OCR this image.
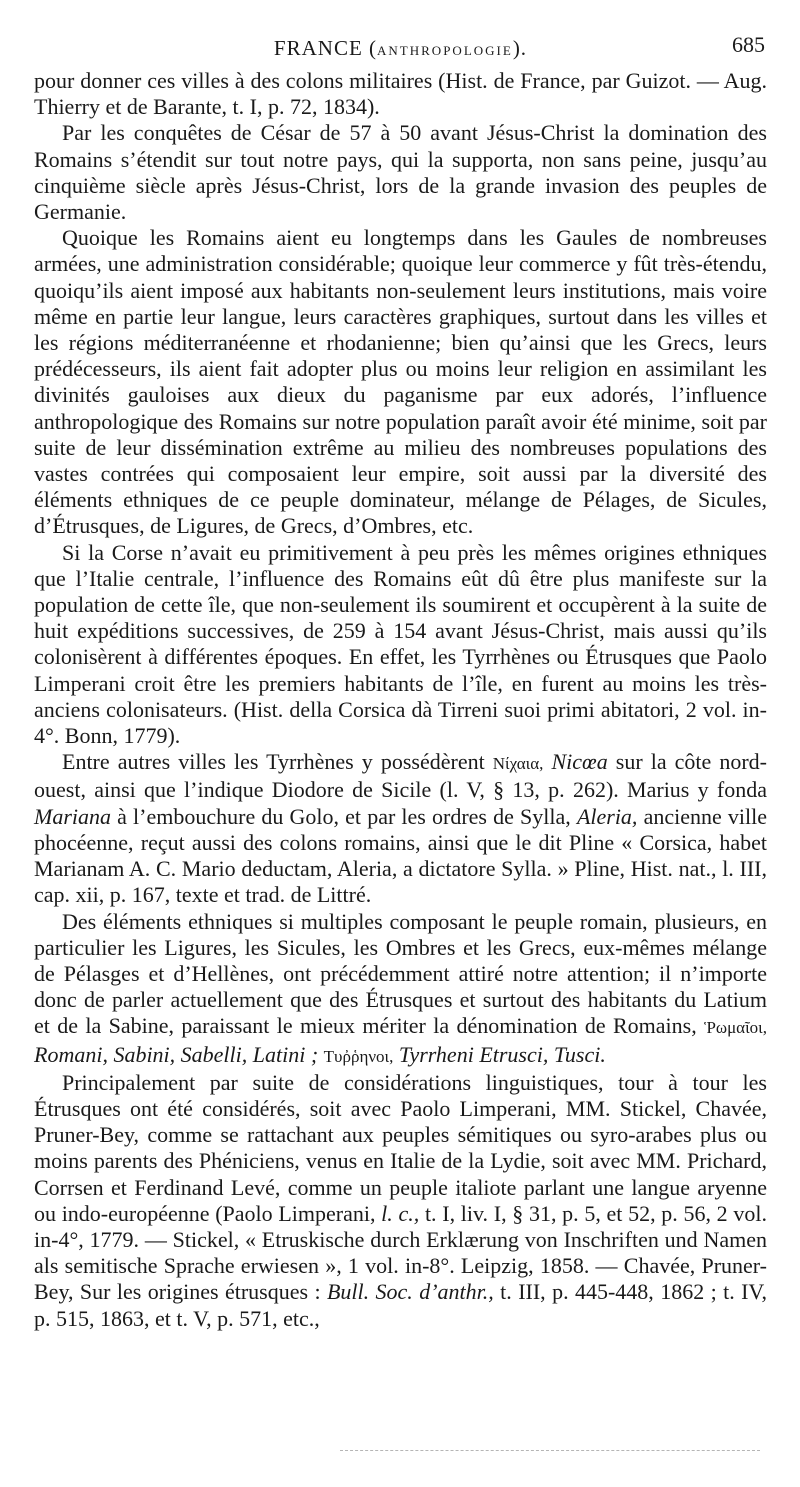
FRANCE (ANTHROPOLOGIE).	685

pour donner ces villes à des colons militaires (Hist. de France, par Guizot. — Aug. Thierry et de Barante, t. I, p. 72, 1834).

Par les conquêtes de César de 57 à 50 avant Jésus-Christ la domination des Romains s’étendit sur tout notre pays, qui la supporta, non sans peine, jusqu’au cinquième siècle après Jésus-Christ, lors de la grande invasion des peuples de Germanie.

Quoique les Romains aient eu longtemps dans les Gaules de nombreuses armées, une administration considérable; quoique leur commerce y fût très-étendu, quoiqu’ils aient imposé aux habitants non-seulement leurs institutions, mais voire même en partie leur langue, leurs caractères graphiques, surtout dans les villes et les régions méditerranéenne et rhodanienne; bien qu’ainsi que les Grecs, leurs prédécesseurs, ils aient fait adopter plus ou moins leur religion en assimilant les divinités gauloises aux dieux du paganisme par eux adorés, l’influence anthropologique des Romains sur notre population paraît avoir été minime, soit par suite de leur dissémination extrême au milieu des nombreuses populations des vastes contrées qui composaient leur empire, soit aussi par la diversité des éléments ethniques de ce peuple dominateur, mélange de Pélages, de Sicules, d’Étrusques, de Ligures, de Grecs, d’Ombres, etc.

Si la Corse n’avait eu primitivement à peu près les mêmes origines ethniques que l’Italie centrale, l’influence des Romains eût dû être plus manifeste sur la population de cette île, que non-seulement ils soumirent et occupèrent à la suite de huit expéditions successives, de 259 à 154 avant Jésus-Christ, mais aussi qu’ils colonisèrent à différentes époques. En effet, les Tyrrhènes ou Étrusques que Paolo Limperani croit être les premiers habitants de l’île, en furent au moins les très-anciens colonisateurs. (Hist. della Corsica dà Tirreni suoi primi abitatori, 2 vol. in-4°. Bonn, 1779).

Entre autres villes les Tyrrhènes y possédèrent Νίχαια, Nicœa sur la côte nord-ouest, ainsi que l’indique Diodore de Sicile (l. V, § 13, p. 262). Marius y fonda Mariana à l’embouchure du Golo, et par les ordres de Sylla, Aleria, ancienne ville phocéenne, reçut aussi des colons romains, ainsi que le dit Pline « Corsica, habet Marianam A. C. Mario deductam, Aleria, a dictatore Sylla. » Pline, Hist. nat., l. III, cap. xii, p. 167, texte et trad. de Littré.

Des éléments ethniques si multiples composant le peuple romain, plusieurs, en particulier les Ligures, les Sicules, les Ombres et les Grecs, eux-mêmes mélange de Pélasges et d’Hellènes, ont précédemment attiré notre attention; il n’importe donc de parler actuellement que des Étrusques et surtout des habitants du Latium et de la Sabine, paraissant le mieux mériter la dénomination de Romains, Ῥωμαῖοι, Romani, Sabini, Sabelli, Latini ; Τυῤῥηνοι, Tyrrheni Etrusci, Tusci.

Principalement par suite de considérations linguistiques, tour à tour les Étrusques ont été considérés, soit avec Paolo Limperani, MM. Stickel, Chavée, Pruner-Bey, comme se rattachant aux peuples sémitiques ou syro-arabes plus ou moins parents des Phéniciens, venus en Italie de la Lydie, soit avec MM. Prichard, Corrsen et Ferdinand Levé, comme un peuple italiote parlant une langue aryenne ou indo-européenne (Paolo Limperani, l. c., t. I, liv. I, § 31, p. 5, et 52, p. 56, 2 vol. in-4°, 1779. — Stickel, « Etruskische durch Erklærung von Inschriften und Namen als semitische Sprache erwiesen », 1 vol. in-8°. Leipzig, 1858. — Chavée, Pruner-Bey, Sur les origines étrusques : Bull. Soc. d’anthr., t. III, p. 445-448, 1862 ; t. IV, p. 515, 1863, et t. V, p. 571, etc.,
